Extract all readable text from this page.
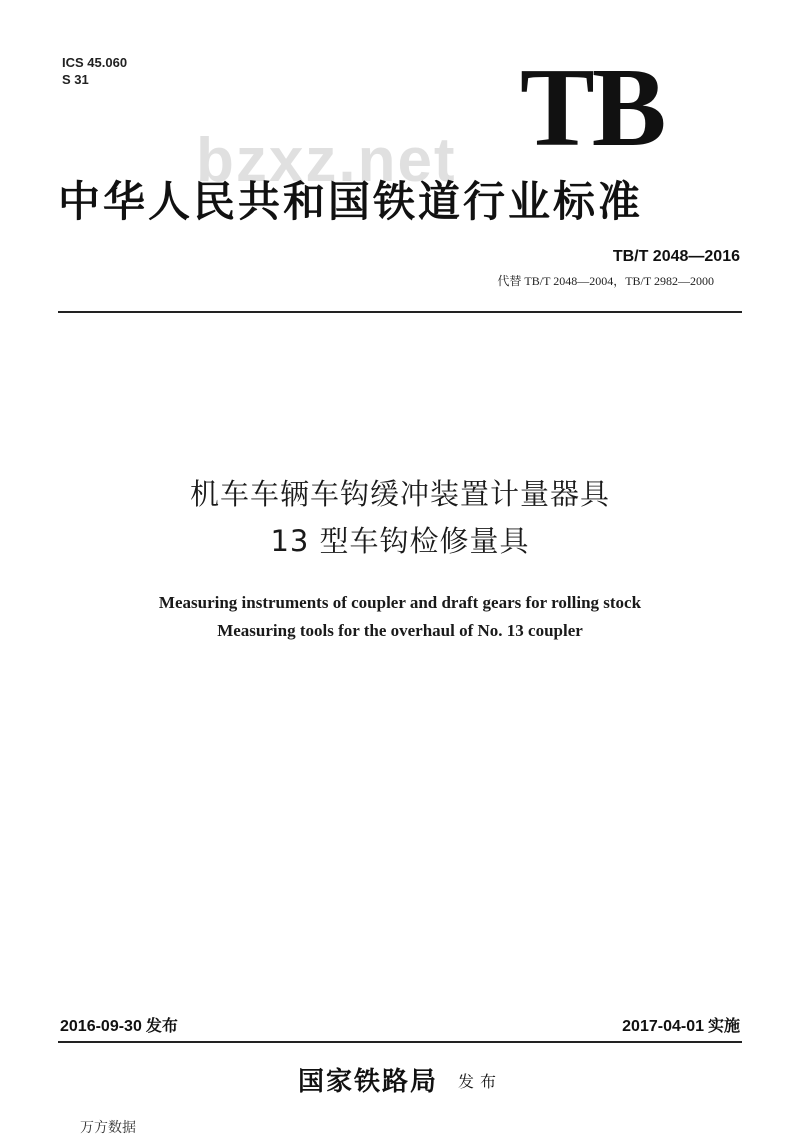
ICS 45.060
S 31
bzxz.net TB
中华人民共和国铁道行业标准
TB/T 2048—2016
代替 TB/T 2048—2004，TB/T 2982—2000
机车车辆车钩缓冲装置计量器具
13 型车钩检修量具
Measuring instruments of coupler and draft gears for rolling stock
Measuring tools for the overhaul of No. 13 coupler
2016-09-30 发布	2017-04-01 实施
国家铁路局 发布
万方数据
